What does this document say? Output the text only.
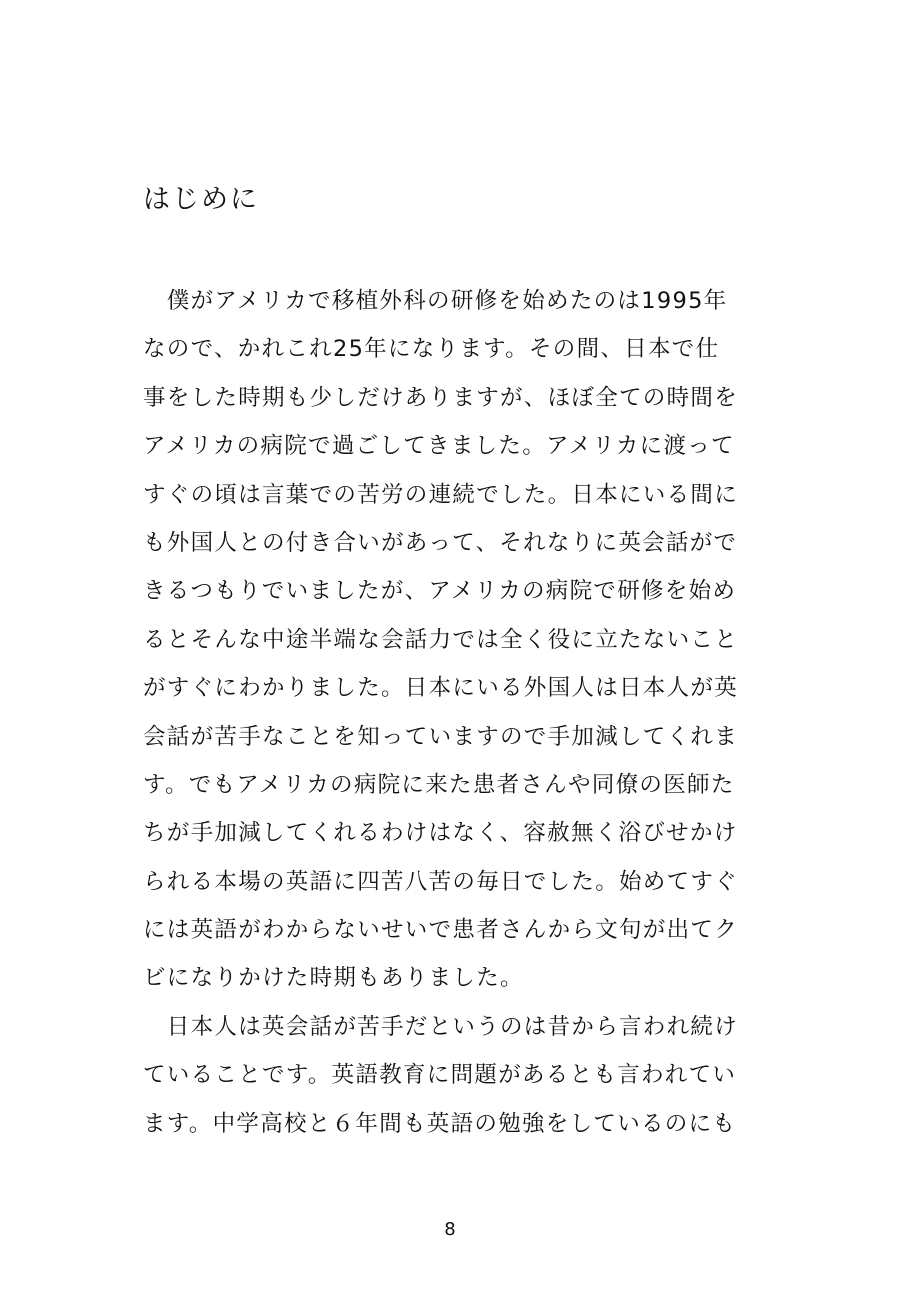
はじめに
　僕がアメリカで移植外科の研修を始めたのは1995年
なので、かれこれ25年になります。その間、日本で仕
事をした時期も少しだけありますが、ほぼ全ての時間を
アメリカの病院で過ごしてきました。アメリカに渡って
すぐの頃は言葉での苦労の連続でした。日本にいる間に
も外国人との付き合いがあって、それなりに英会話がで
きるつもりでいましたが、アメリカの病院で研修を始め
るとそんな中途半端な会話力では全く役に立たないこと
がすぐにわかりました。日本にいる外国人は日本人が英
会話が苦手なことを知っていますので手加減してくれま
す。でもアメリカの病院に来た患者さんや同僚の医師た
ちが手加減してくれるわけはなく、容赦無く浴びせかけ
られる本場の英語に四苦八苦の毎日でした。始めてすぐ
には英語がわからないせいで患者さんから文句が出てク
ビになりかけた時期もありました。
　日本人は英会話が苦手だというのは昔から言われ続け
ていることです。英語教育に問題があるとも言われてい
ます。中学高校と６年間も英語の勉強をしているのにも
8
